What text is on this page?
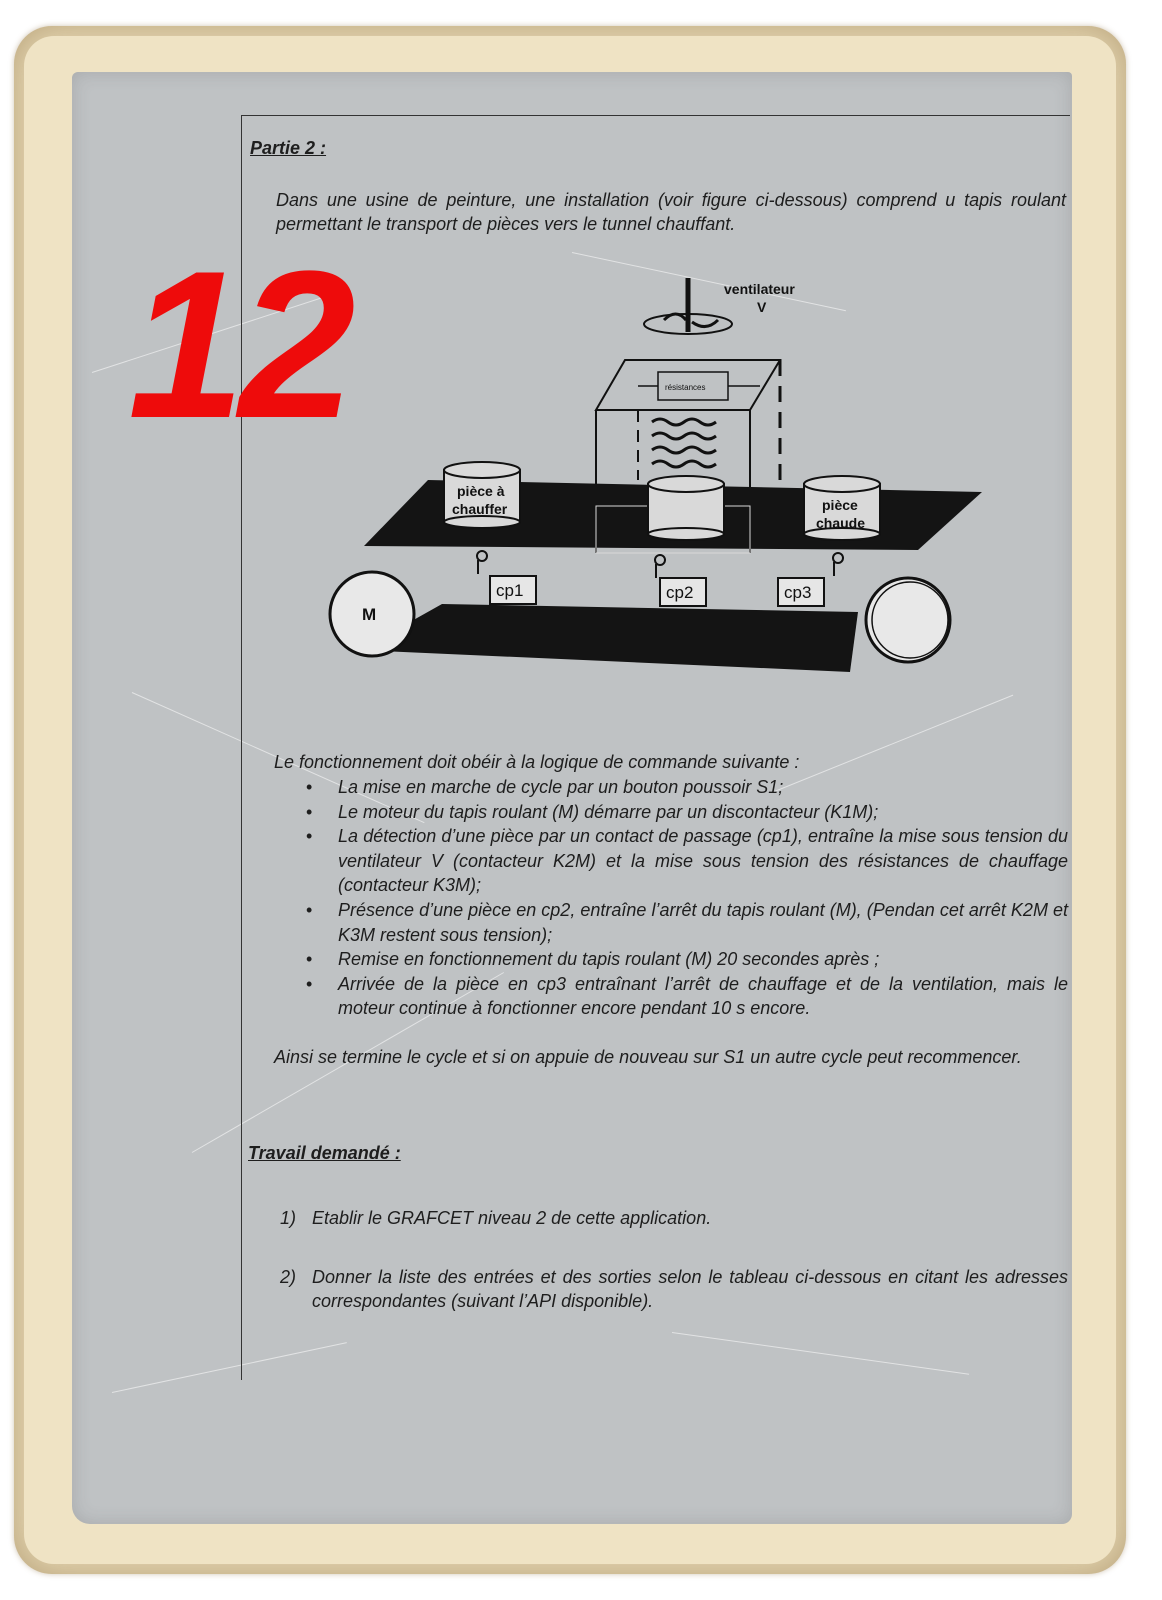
12
Partie 2 :

Dans une usine de peinture, une installation (voir figure ci-dessous) comprend u tapis roulant permettant le transport de pièces vers le tunnel chauffant.

ventilateur
V
résistances
pièce à
chauffer	pièce
chaude
cp1	cp2	cp3
M

Le fonctionnement doit obéir à la logique de commande suivante :

• La mise en marche de cycle par un bouton poussoir S1;
• Le moteur du tapis roulant (M) démarre par un discontacteur (K1M);
• La détection d’une pièce par un contact de passage (cp1), entraîne la mise sous tension du ventilateur V (contacteur K2M) et la mise sous tension des résistances de chauffage (contacteur K3M);
• Présence d’une pièce en cp2, entraîne l’arrêt du tapis roulant (M), (Pendan cet arrêt K2M et K3M restent sous tension);
• Remise en fonctionnement du tapis roulant (M) 20 secondes après ;
• Arrivée de la pièce en cp3 entraînant l’arrêt de chauffage et de la ventilation, mais le moteur continue à fonctionner encore pendant 10 s encore.

Ainsi se termine le cycle et si on appuie de nouveau sur S1 un autre cycle peut recommencer.

Travail demandé :
1) Etablir le GRAFCET niveau 2 de cette application.
2) Donner la liste des entrées et des sorties selon le tableau ci-dessous en citant les adresses correspondantes (suivant l’API disponible).
